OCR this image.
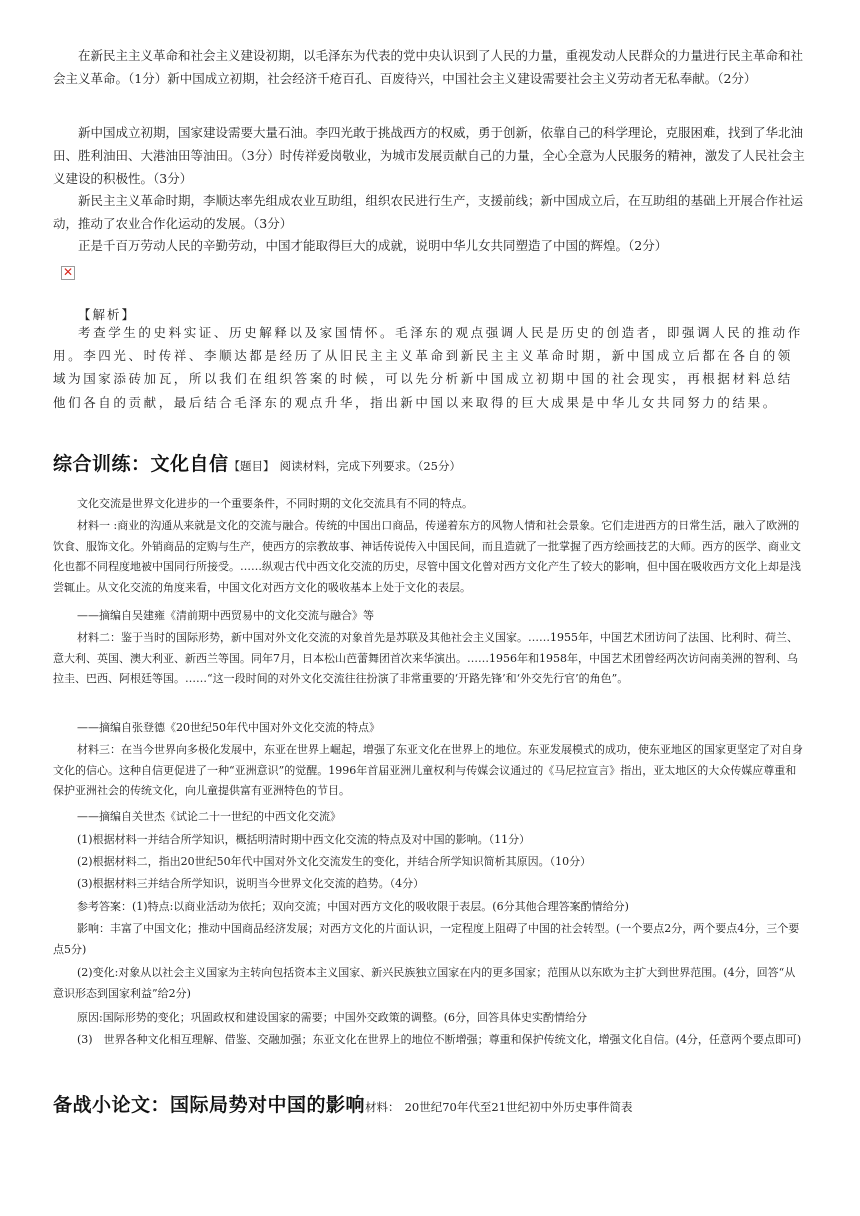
在新民主主义革命和社会主义建设初期，以毛泽东为代表的党中央认识到了人民的力量，重视发动人民群众的力量进行民主革命和社会主义革命。（1分）新中国成立初期，社会经济千疮百孔、百废待兴，中国社会主义建设需要社会主义劳动者无私奉献。（2分）

新中国成立初期，国家建设需要大量石油。李四光敢于挑战西方的权威，勇于创新，依靠自己的科学理论，克服困难，找到了华北油田、胜利油田、大港油田等油田。（3分）时传祥爱岗敬业，为城市发展贡献自己的力量，全心全意为人民服务的精神，激发了人民社会主义建设的积极性。（3分）

新民主主义革命时期，李顺达率先组成农业互助组，组织农民进行生产，支援前线；新中国成立后，在互助组的基础上开展合作社运动，推动了农业合作化运动的发展。（3分）

正是千百万劳动人民的辛勤劳动，中国才能取得巨大的成就，说明中华儿女共同塑造了中国的辉煌。（2分）

✕
【解析】

考查学生的史料实证、历史解释以及家国情怀。毛泽东的观点强调人民是历史的创造者，即强调人民的推动作用。李四光、时传祥、李顺达都是经历了从旧民主主义革命到新民主主义革命时期，新中国成立后都在各自的领域为国家添砖加瓦，所以我们在组织答案的时候，可以先分析新中国成立初期中国的社会现实，再根据材料总结他们各自的贡献，最后结合毛泽东的观点升华，指出新中国以来取得的巨大成果是中华儿女共同努力的结果。

综合训练：文化自信【题目】 阅读材料，完成下列要求。（25分）

文化交流是世界文化进步的一个重要条件，不同时期的文化交流具有不同的特点。

材料一 :商业的沟通从来就是文化的交流与融合。传统的中国出口商品，传递着东方的风物人情和社会景象。它们走进西方的日常生活，融入了欧洲的饮食、服饰文化。外销商品的定购与生产，使西方的宗教故事、神话传说传入中国民间，而且造就了一批掌握了西方绘画技艺的大师。西方的医学、商业文化也都不同程度地被中国同行所接受。……纵观古代中西文化交流的历史，尽管中国文化曾对西方文化产生了较大的影响，但中国在吸收西方文化上却是浅尝辄止。从文化交流的角度来看，中国文化对西方文化的吸收基本上处于文化的表层。

——摘编自吴建雍《清前期中西贸易中的文化交流与融合》等

材料二：鉴于当时的国际形势，新中国对外文化交流的对象首先是苏联及其他社会主义国家。……1955年，中国艺术团访问了法国、比利时、荷兰、意大利、英国、澳大利亚、新西兰等国。同年7月，日本松山芭蕾舞团首次来华演出。……1956年和1958年，中国艺术团曾经两次访问南美洲的智利、乌拉圭、巴西、阿根廷等国。……“这一段时间的对外文化交流往往扮演了非常重要的‘开路先锋’和‘外交先行官’的角色”。

——摘编自张登德《20世纪50年代中国对外文化交流的特点》

材料三：在当今世界向多极化发展中，东亚在世界上崛起，增强了东亚文化在世界上的地位。东亚发展模式的成功，使东亚地区的国家更坚定了对自身文化的信心。这种自信更促进了一种“亚洲意识”的觉醒。1996年首届亚洲儿童权利与传媒会议通过的《马尼拉宣言》指出，亚太地区的大众传媒应尊重和保护亚洲社会的传统文化，向儿童提供富有亚洲特色的节目。

——摘编自关世杰《试论二十一世纪的中西文化交流》

(1)根据材料一并结合所学知识，概括明清时期中西文化交流的特点及对中国的影响。（11分）

(2)根据材料二，指出20世纪50年代中国对外文化交流发生的变化，并结合所学知识简析其原因。（10分）

(3)根据材料三并结合所学知识，说明当今世界文化交流的趋势。（4分）

参考答案：(1)特点:以商业活动为依托；双向交流；中国对西方文化的吸收限于表层。(6分其他合理答案酌情给分)

影响：丰富了中国文化；推动中国商品经济发展；对西方文化的片面认识，一定程度上阻碍了中国的社会转型。(一个要点2分，两个要点4分，三个要点5分)

(2)变化:对象从以社会主义国家为主转向包括资本主义国家、新兴民族独立国家在内的更多国家；范围从以东欧为主扩大到世界范围。(4分，回答“从意识形态到国家利益”给2分)

原因:国际形势的变化；巩固政权和建设国家的需要；中国外交政策的调整。(6分，回答具体史实酌情给分

(3)　世界各种文化相互理解、借鉴、交融加强；东亚文化在世界上的地位不断增强；尊重和保护传统文化，增强文化自信。(4分，任意两个要点即可)

备战小论文：国际局势对中国的影响材料： 20世纪70年代至21世纪初中外历史事件简表
